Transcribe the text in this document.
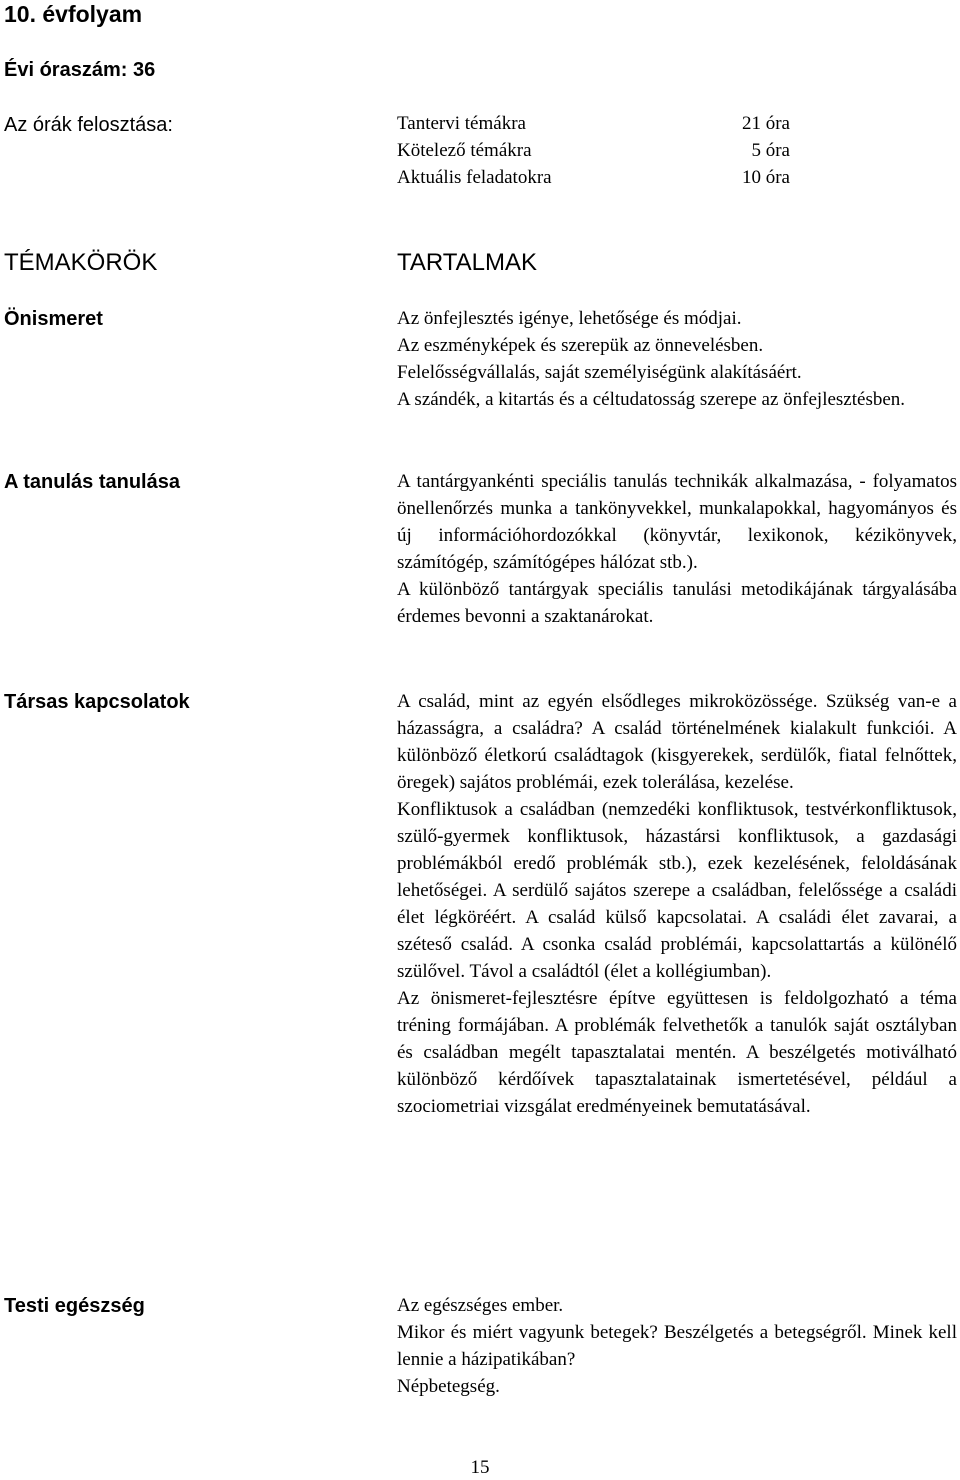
10. évfolyam
Évi óraszám: 36
Az órák felosztása:	Tantervi témákra	21 óra
Kötelező témákra	5 óra
Aktuális feladatokra	10 óra
TÉMAKÖRÖK	TARTALMAK
Önismeret	Az önfejlesztés igénye, lehetősége és módjai.

Az eszményképek és szerepük az önnevelésben.

Felelősségvállalás, saját személyiségünk alakításáért.

A szándék, a kitartás és a céltudatosság szerepe az önfejlesztésben.

A tanulás tanulása	A tantárgyankénti speciális tanulás technikák alkalmazása, - folyamatos önellenőrzés munka a tankönyvekkel, munkalapokkal, hagyományos és új információhordozókkal (könyvtár, lexikonok, kézikönyvek, számítógép, számítógépes hálózat stb.).

A különböző tantárgyak speciális tanulási metodikájának tárgyalásába érdemes bevonni a szaktanárokat.

Társas kapcsolatok	A család, mint az egyén elsődleges mikroközössége. Szükség van-e a házasságra, a családra? A család történelmének kialakult funkciói. A különböző életkorú családtagok (kisgyerekek, serdülők, fiatal felnőttek, öregek) sajátos problémái, ezek tolerálása, kezelése.

Konfliktusok a családban (nemzedéki konfliktusok, testvérkonfliktusok, szülő-gyermek konfliktusok, házastársi konfliktusok, a gazdasági problémákból eredő problémák stb.), ezek kezelésének, feloldásának lehetőségei. A serdülő sajátos szerepe a családban, felelőssége a családi élet légköréért. A család külső kapcsolatai. A családi élet zavarai, a széteső család. A csonka család problémái, kapcsolattartás a különélő szülővel. Távol a családtól (élet a kollégiumban).

Az önismeret-fejlesztésre építve együttesen is feldolgozható a téma tréning formájában. A problémák felvethetők a tanulók saját osztályban és családban megélt tapasztalatai mentén. A beszélgetés motiválható különböző kérdőívek tapasztalatainak ismertetésével, például a szociometriai vizsgálat eredményeinek bemutatásával.

Testi egészség	Az egészséges ember.

Mikor és miért vagyunk betegek? Beszélgetés a betegségről. Minek kell lennie a házipatikában?

Népbetegség.

15
